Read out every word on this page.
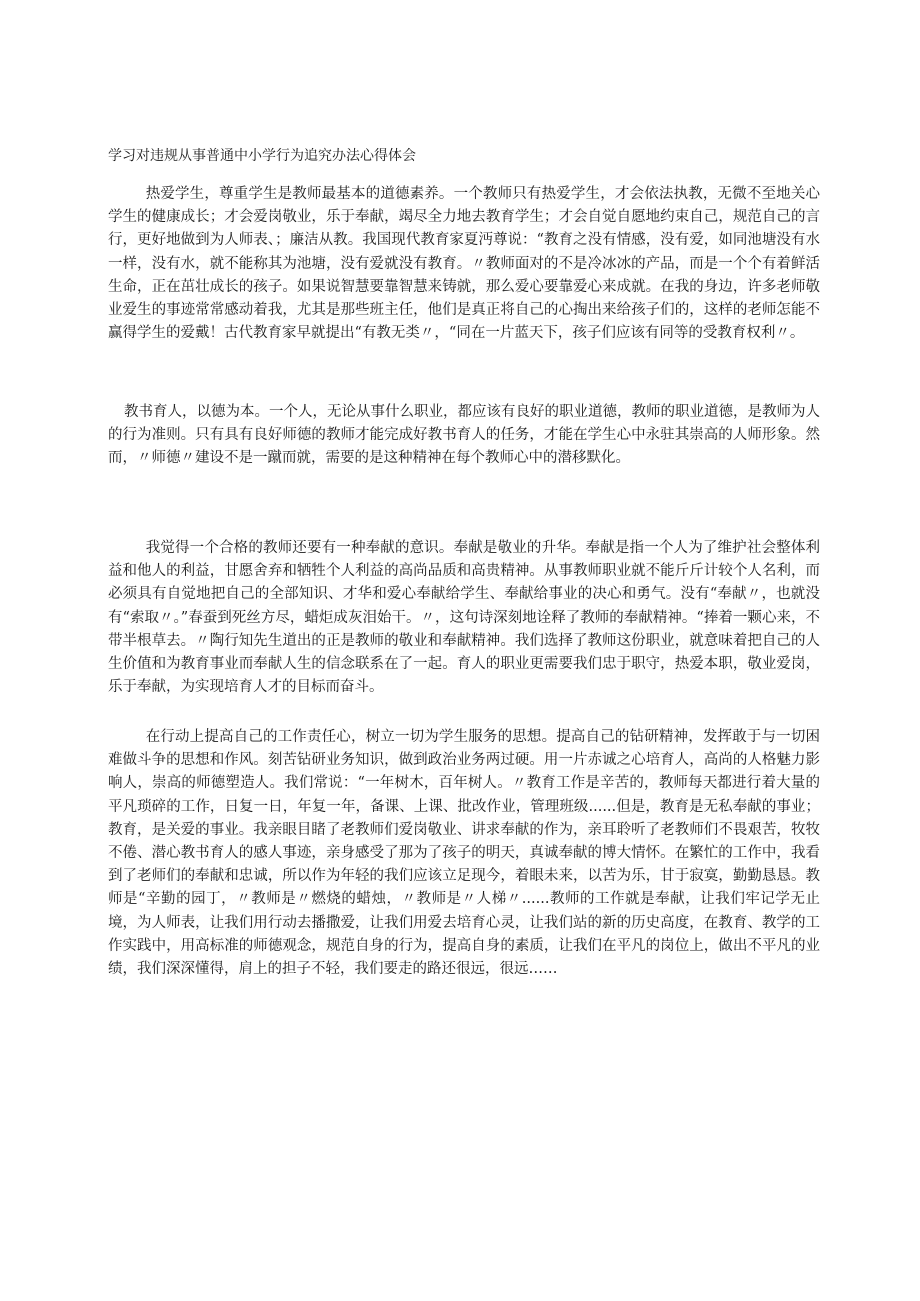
学习对违规从事普通中小学行为追究办法心得体会
热爱学生，尊重学生是教师最基本的道德素养。一个教师只有热爱学生，才会依法执教，无微不至地关心学生的健康成长；才会爱岗敬业，乐于奉献，竭尽全力地去教育学生；才会自觉自愿地约束自己，规范自己的言行，更好地做到为人师表、；廉洁从教。我国现代教育家夏沔尊说：“教育之没有情感，没有爱，如同池塘没有水一样，没有水，就不能称其为池塘，没有爱就没有教育。〃教师面对的不是冷冰冰的产品，而是一个个有着鲜活生命，正在茁壮成长的孩子。如果说智慧要靠智慧来铸就，那么爱心要靠爱心来成就。在我的身边，许多老师敬业爱生的事迹常常感动着我，尤其是那些班主任，他们是真正将自己的心掏出来给孩子们的，这样的老师怎能不赢得学生的爱戴！古代教育家早就提出“有教无类〃，“同在一片蓝天下，孩子们应该有同等的受教育权利〃。
教书育人，以德为本。一个人，无论从事什么职业，都应该有良好的职业道德，教师的职业道德，是教师为人的行为准则。只有具有良好师德的教师才能完成好教书育人的任务，才能在学生心中永驻其崇高的人师形象。然而，〃师德〃建设不是一蹴而就，需要的是这种精神在每个教师心中的潜移默化。
我觉得一个合格的教师还要有一种奉献的意识。奉献是敬业的升华。奉献是指一个人为了维护社会整体利益和他人的利益，甘愿舍弃和牺牲个人利益的高尚品质和高贵精神。从事教师职业就不能斤斤计较个人名利，而必须具有自觉地把自己的全部知识、才华和爱心奉献给学生、奉献给事业的决心和勇气。没有“奉献〃，也就没有“索取〃。”春蚕到死丝方尽，蜡炬成灰泪始干。〃，这句诗深刻地诠释了教师的奉献精神。“捧着一颗心来，不带半根草去。〃陶行知先生道出的正是教师的敬业和奉献精神。我们选择了教师这份职业，就意味着把自己的人生价值和为教育事业而奉献人生的信念联系在了一起。育人的职业更需要我们忠于职守，热爱本职，敬业爱岗，乐于奉献，为实现培育人才的目标而奋斗。
在行动上提高自己的工作责任心，树立一切为学生服务的思想。提高自己的钻研精神，发挥敢于与一切困难做斗争的思想和作风。刻苦钻研业务知识，做到政治业务两过硬。用一片赤诚之心培育人，高尚的人格魅力影响人，崇高的师德塑造人。我们常说：“一年树木，百年树人。〃教育工作是辛苦的，教师每天都进行着大量的平凡琐碎的工作，日复一日，年复一年，备课、上课、批改作业，管理班级......但是，教育是无私奉献的事业；教育，是关爱的事业。我亲眼目睹了老教师们爱岗敬业、讲求奉献的作为，亲耳聆听了老教师们不畏艰苦，牧牧不倦、潜心教书育人的感人事迹，亲身感受了那为了孩子的明天，真诚奉献的博大情怀。在繁忙的工作中，我看到了老师们的奉献和忠诚，所以作为年轻的我们应该立足现今，着眼未来，以苦为乐，甘于寂寞，勤勤恳恳。教师是“辛勤的园丁，〃教师是〃燃烧的蜡烛，〃教师是〃人梯〃......教师的工作就是奉献，让我们牢记学无止境，为人师表，让我们用行动去播撒爱，让我们用爱去培育心灵，让我们站的新的历史高度，在教育、教学的工作实践中，用高标准的师德观念，规范自身的行为，提高自身的素质，让我们在平凡的岗位上，做出不平凡的业绩，我们深深懂得，肩上的担子不轻，我们要走的路还很远，很远……
